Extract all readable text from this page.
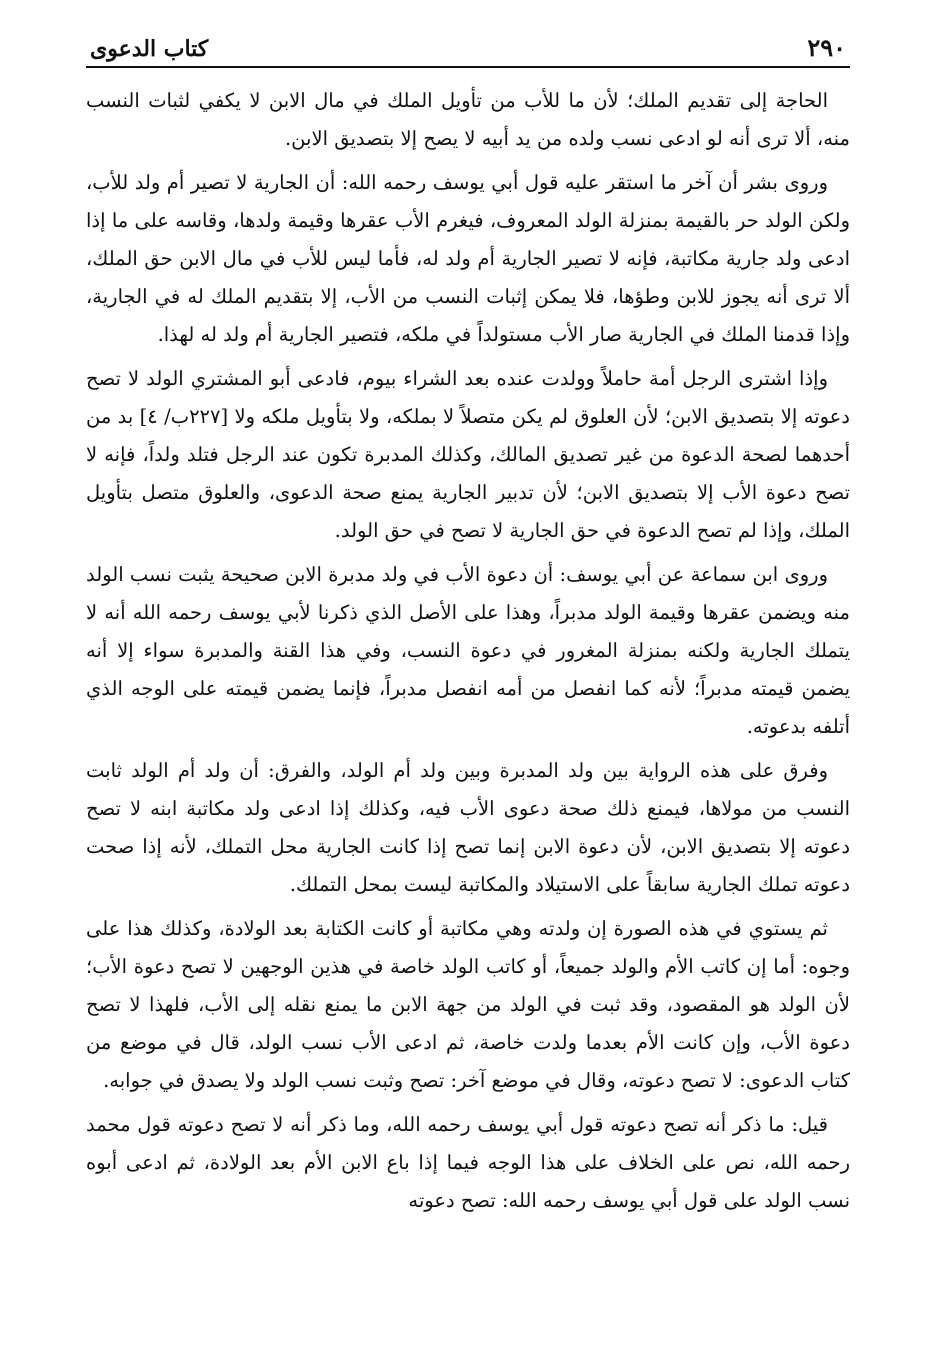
٢٩٠
كتاب الدعوى

الحاجة إلى تقديم الملك؛ لأن ما للأب من تأويل الملك في مال الابن لا يكفي لثبات النسب منه، ألا ترى أنه لو ادعى نسب ولده من يد أبيه لا يصح إلا بتصديق الابن.

وروى بشر أن آخر ما استقر عليه قول أبي يوسف رحمه الله: أن الجارية لا تصير أم ولد للأب، ولكن الولد حر بالقيمة بمنزلة الولد المعروف، فيغرم الأب عقرها وقيمة ولدها، وقاسه على ما إذا ادعى ولد جارية مكاتبة، فإنه لا تصير الجارية أم ولد له، فأما ليس للأب في مال الابن حق الملك، ألا ترى أنه يجوز للابن وطؤها، فلا يمكن إثبات النسب من الأب، إلا بتقديم الملك له في الجارية، وإذا قدمنا الملك في الجارية صار الأب مستولداً في ملكه، فتصير الجارية أم ولد له لهذا.

وإذا اشترى الرجل أمة حاملاً وولدت عنده بعد الشراء بيوم، فادعى أبو المشتري الولد لا تصح دعوته إلا بتصديق الابن؛ لأن العلوق لم يكن متصلاً لا بملكه، ولا بتأويل ملكه ولا [٢٢٧ب/ ٤] بد من أحدهما لصحة الدعوة من غير تصديق المالك، وكذلك المدبرة تكون عند الرجل فتلد ولداً، فإنه لا تصح دعوة الأب إلا بتصديق الابن؛ لأن تدبير الجارية يمنع صحة الدعوى، والعلوق متصل بتأويل الملك، وإذا لم تصح الدعوة في حق الجارية لا تصح في حق الولد.

وروى ابن سماعة عن أبي يوسف: أن دعوة الأب في ولد مدبرة الابن صحيحة يثبت نسب الولد منه ويضمن عقرها وقيمة الولد مدبراً، وهذا على الأصل الذي ذكرنا لأبي يوسف رحمه الله أنه لا يتملك الجارية ولكنه بمنزلة المغرور في دعوة النسب، وفي هذا القنة والمدبرة سواء إلا أنه يضمن قيمته مدبراً؛ لأنه كما انفصل من أمه انفصل مدبراً، فإنما يضمن قيمته على الوجه الذي أتلفه بدعوته.

وفرق على هذه الرواية بين ولد المدبرة وبين ولد أم الولد، والفرق: أن ولد أم الولد ثابت النسب من مولاها، فيمنع ذلك صحة دعوى الأب فيه، وكذلك إذا ادعى ولد مكاتبة ابنه لا تصح دعوته إلا بتصديق الابن، لأن دعوة الابن إنما تصح إذا كانت الجارية محل التملك، لأنه إذا صحت دعوته تملك الجارية سابقاً على الاستيلاد والمكاتبة ليست بمحل التملك.

ثم يستوي في هذه الصورة إن ولدته وهي مكاتبة أو كانت الكتابة بعد الولادة، وكذلك هذا على وجوه: أما إن كاتب الأم والولد جميعاً، أو كاتب الولد خاصة في هذين الوجهين لا تصح دعوة الأب؛ لأن الولد هو المقصود، وقد ثبت في الولد من جهة الابن ما يمنع نقله إلى الأب، فلهذا لا تصح دعوة الأب، وإن كانت الأم بعدما ولدت خاصة، ثم ادعى الأب نسب الولد، قال في موضع من كتاب الدعوى: لا تصح دعوته، وقال في موضع آخر: تصح وثبت نسب الولد ولا يصدق في جوابه.

قيل: ما ذكر أنه تصح دعوته قول أبي يوسف رحمه الله، وما ذكر أنه لا تصح دعوته قول محمد رحمه الله، نص على الخلاف على هذا الوجه فيما إذا باع الابن الأم بعد الولادة، ثم ادعى أبوه نسب الولد على قول أبي يوسف رحمه الله: تصح دعوته
